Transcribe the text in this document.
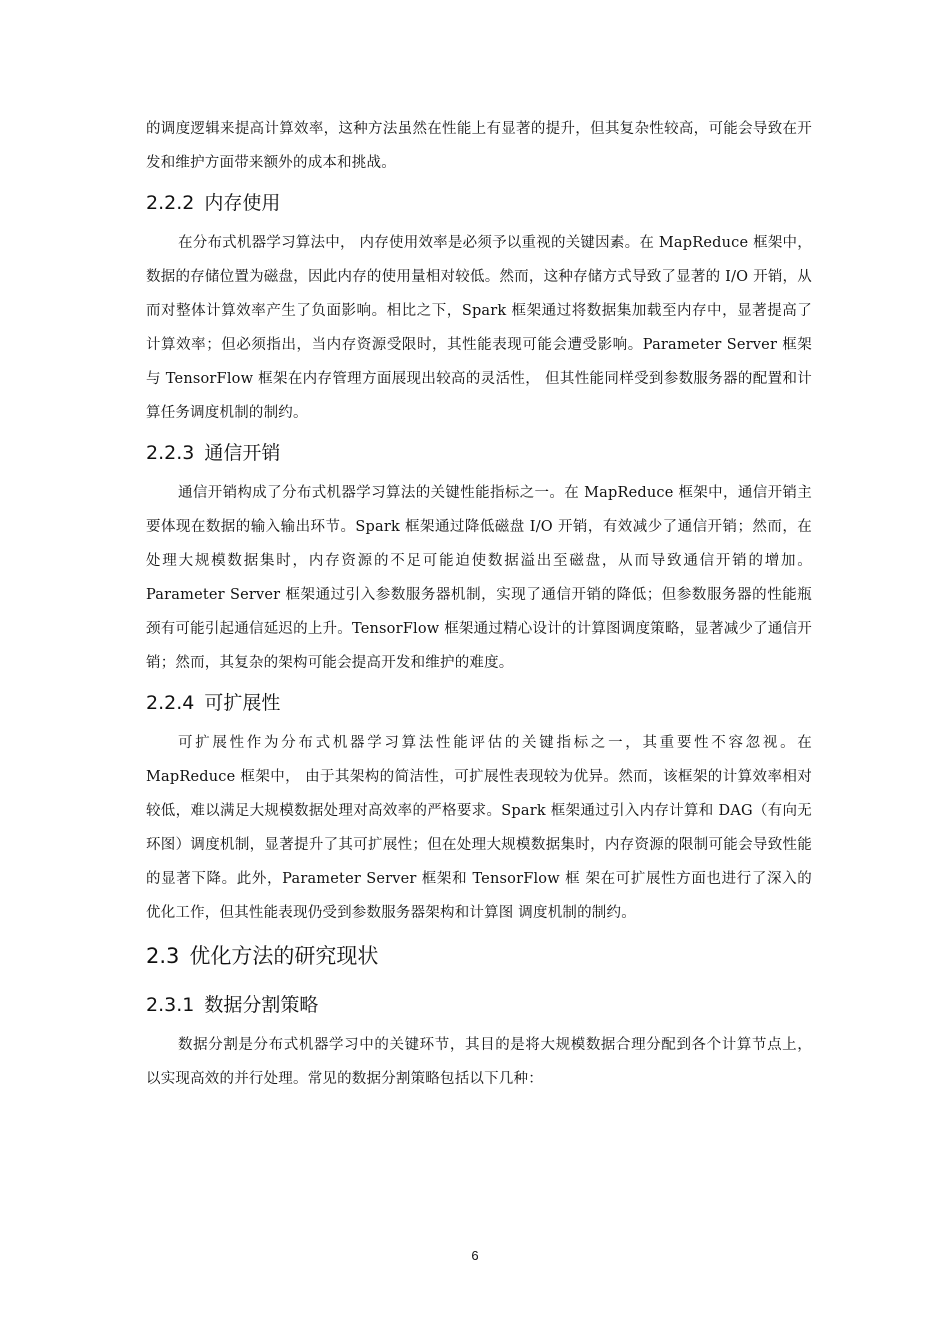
的调度逻辑来提高计算效率，这种方法虽然在性能上有显著的提升，但其复杂性较高，可能会导致在开发和维护方面带来额外的成本和挑战。

2.2.2 内存使用

在分布式机器学习算法中， 内存使用效率是必须予以重视的关键因素。在 MapReduce 框架中，数据的存储位置为磁盘，因此内存的使用量相对较低。然而，这种存储方式导致了显著的 I/O 开销，从而对整体计算效率产生了负面影响。相比之下，Spark 框架通过将数据集加载至内存中，显著提高了计算效率；但必须指出，当内存资源受限时，其性能表现可能会遭受影响。Parameter Server 框架与 TensorFlow 框架在内存管理方面展现出较高的灵活性， 但其性能同样受到参数服务器的配置和计算任务调度机制的制约。

2.2.3 通信开销

通信开销构成了分布式机器学习算法的关键性能指标之一。在 MapReduce 框架中，通信开销主要体现在数据的输入输出环节。Spark 框架通过降低磁盘 I/O 开销，有效减少了通信开销；然而，在处理大规模数据集时，内存资源的不足可能迫使数据溢出至磁盘，从而导致通信开销的增加。Parameter Server 框架通过引入参数服务器机制，实现了通信开销的降低；但参数服务器的性能瓶颈有可能引起通信延迟的上升。TensorFlow 框架通过精心设计的计算图调度策略，显著减少了通信开销；然而，其复杂的架构可能会提高开发和维护的难度。

2.2.4 可扩展性

可扩展性作为分布式机器学习算法性能评估的关键指标之一，其重要性不容忽视。在 MapReduce 框架中， 由于其架构的简洁性，可扩展性表现较为优异。然而，该框架的计算效率相对较低，难以满足大规模数据处理对高效率的严格要求。Spark 框架通过引入内存计算和 DAG（有向无环图）调度机制，显著提升了其可扩展性；但在处理大规模数据集时，内存资源的限制可能会导致性能的显著下降。此外，Parameter Server 框架和 TensorFlow 框 架在可扩展性方面也进行了深入的优化工作，但其性能表现仍受到参数服务器架构和计算图 调度机制的制约。

2.3 优化方法的研究现状
2.3.1 数据分割策略

数据分割是分布式机器学习中的关键环节，其目的是将大规模数据合理分配到各个计算节点上， 以实现高效的并行处理。常见的数据分割策略包括以下几种：

6
